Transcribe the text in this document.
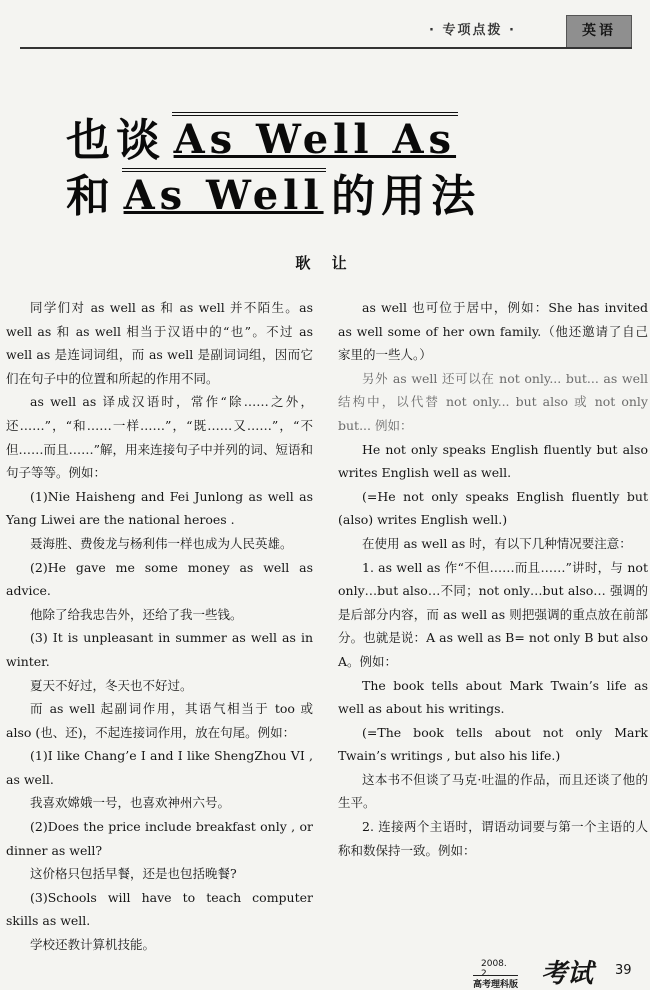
· 专项点拨 ·	英语
也谈 As Well As
和 As Well 的用法
耿 让

同学们对 as well as 和 as well 并不陌生。as well as 和 as well 相当于汉语中的“也”。不过 as well as 是连词词组，而 as well 是副词词组，因而它们在句子中的位置和所起的作用不同。

as well as 译成汉语时，常作“除……之外，还……”，“和……一样……”，“既……又……”，“不但……而且……”解，用来连接句子中并列的词、短语和句子等等。例如：

(1)Nie Haisheng and Fei Junlong as well as Yang Liwei are the national heroes .

聂海胜、费俊龙与杨利伟一样也成为人民英雄。

(2)He gave me some money as well as advice.

他除了给我忠告外，还给了我一些钱。

(3) It is unpleasant in summer as well as in winter.

夏天不好过，冬天也不好过。

而 as well 起副词作用，其语气相当于 too 或 also (也、还)，不起连接词作用，放在句尾。例如：

(1)I like Chang’e I and I like ShengZhou VI , as well.

我喜欢嫦娥一号，也喜欢神州六号。

(2)Does the price include breakfast only , or dinner as well?

这价格只包括早餐，还是也包括晚餐?

(3)Schools will have to teach computer skills as well.

学校还教计算机技能。

as well 也可位于居中，例如：She has invited as well some of her own family.（他还邀请了自己家里的一些人。）

另外 as well 还可以在 not only... but... as well 结构中，以代替 not only... but also 或 not only but... 例如：

He not only speaks English fluently but also writes English well as well.

(=He not only speaks English fluently but (also) writes English well.)

在使用 as well as 时，有以下几种情况要注意：

1. as well as 作“不但……而且……”讲时，与 not only…but also…不同；not only…but also… 强调的是后部分内容，而 as well as 则把强调的重点放在前部分。也就是说：A as well as B= not only B but also A。例如：

The book tells about Mark Twain’s life as well as about his writings.

(=The book tells about not only Mark Twain’s writings , but also his life.)

这本书不但谈了马克·吐温的作品，而且还谈了他的生平。

2. 连接两个主语时，谓语动词要与第一个主语的人称和数保持一致。例如：

2008. 2.
高考理科版 考试 39
